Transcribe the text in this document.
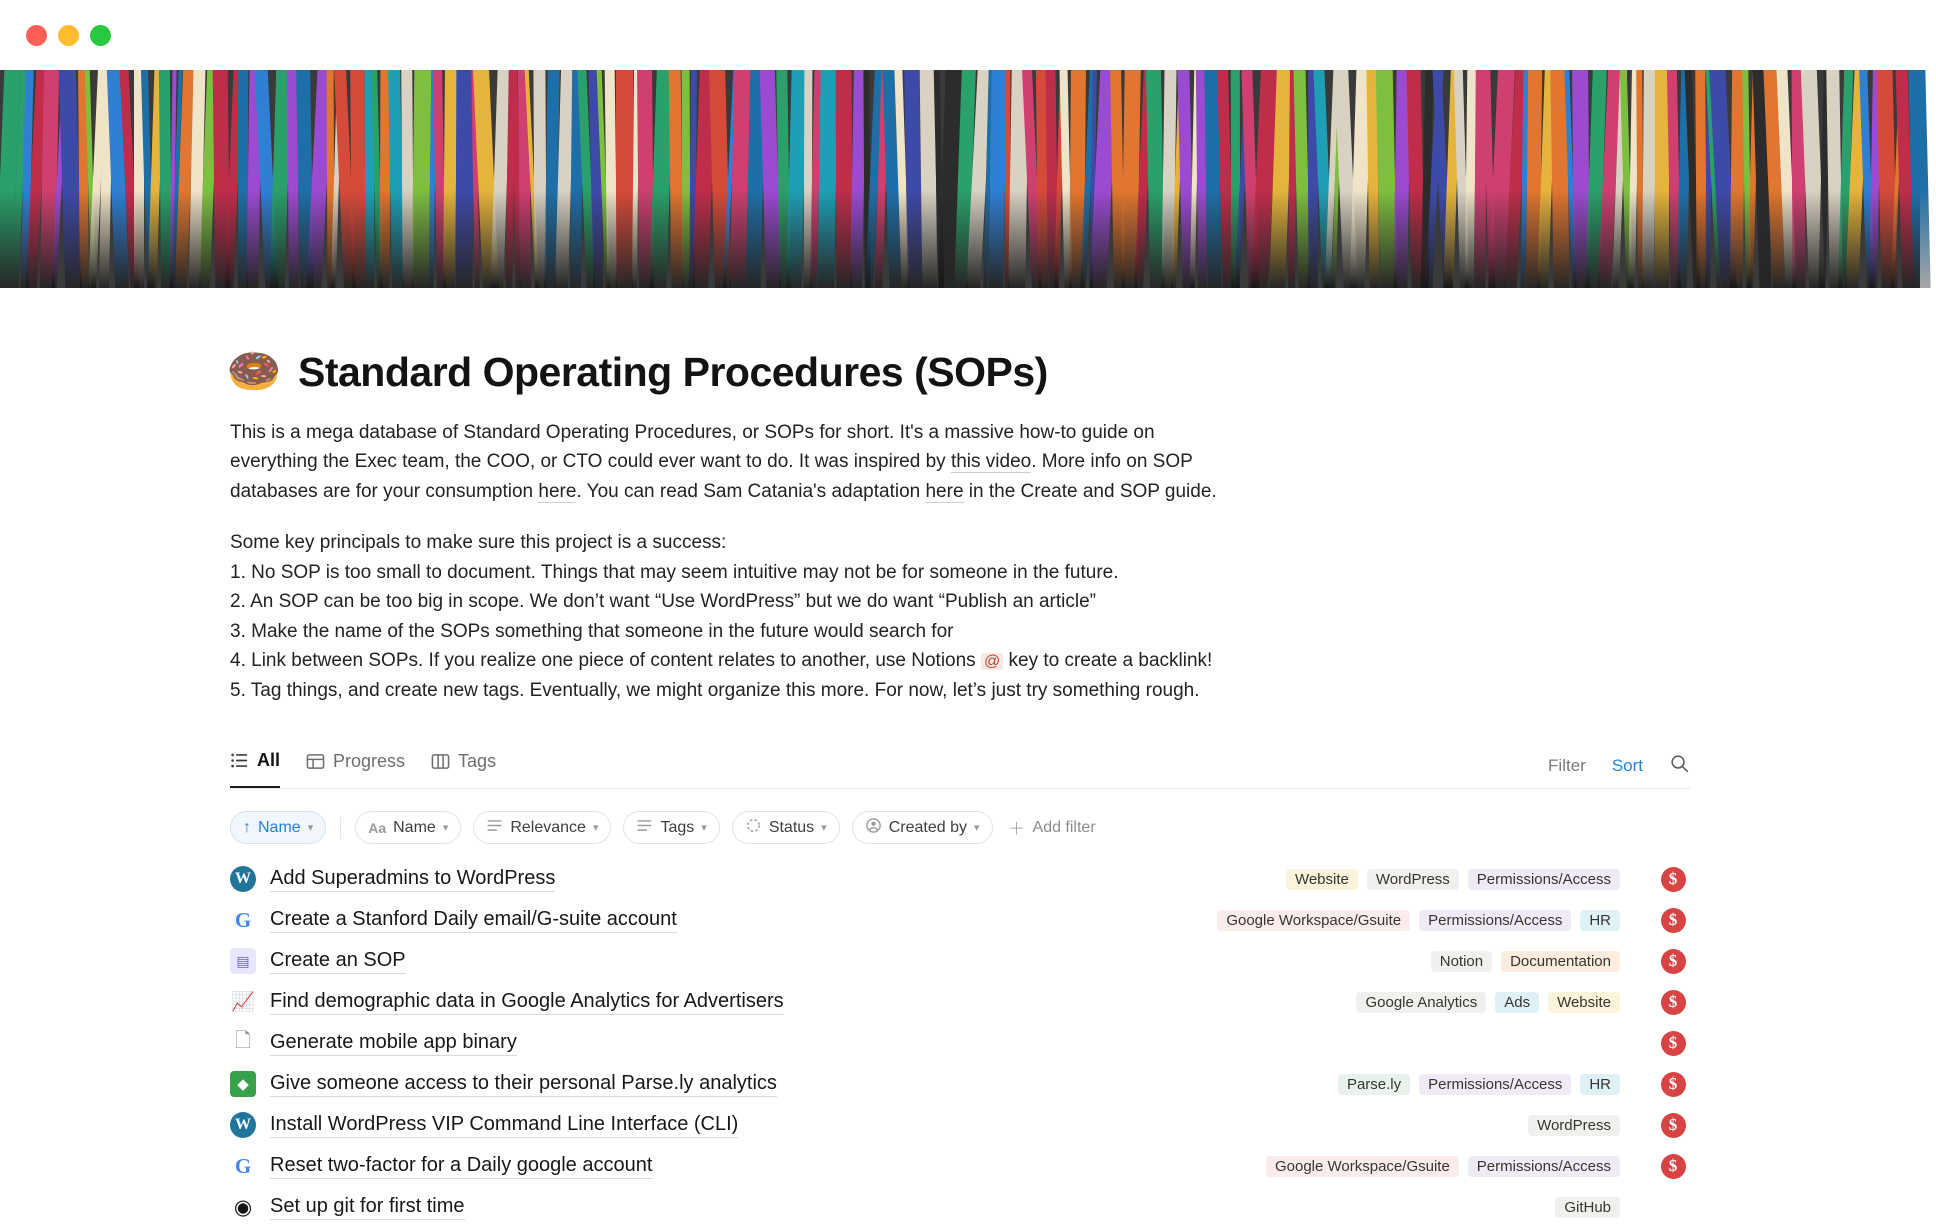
🍩 Standard Operating Procedures (SOPs)
This is a mega database of Standard Operating Procedures, or SOPs for short. It's a massive how-to guide on everything the Exec team, the COO, or CTO could ever want to do. It was inspired by this video. More info on SOP databases are for your consumption here. You can read Sam Catania's adaptation here in the Create and SOP guide.
Some key principals to make sure this project is a success:
1. No SOP is too small to document. Things that may seem intuitive may not be for someone in the future.
2. An SOP can be too big in scope. We don’t want “Use WordPress” but we do want “Publish an article”
3. Make the name of the SOPs something that someone in the future would search for
4. Link between SOPs. If you realize one piece of content relates to another, use Notions @ key to create a backlink!
5. Tag things, and create new tags. Eventually, we might organize this more. For now, let’s just try something rough.
All	Progress	Tags	Filter Sort
↑ Name ▾	Aa Name ▾	Relevance ▾	Tags ▾	Status ▾	Created by ▾ ＋ Add filter
W Add Superadmins to WordPress	Website	WordPress	Permissions/Access	$
G Create a Stanford Daily email/G-suite account	Google Workspace/Gsuite	Permissions/Access	HR	$
▤	Create an SOP	Notion	Documentation	$
📈 Find demographic data in Google Analytics for Advertisers	Google Analytics	Ads	Website	$
🗋 Generate mobile app binary	$
◆	Give someone access to their personal Parse.ly analytics	Parse.ly	Permissions/Access	HR	$
W Install WordPress VIP Command Line Interface (CLI)	WordPress	$
G Reset two-factor for a Daily google account	Google Workspace/Gsuite	Permissions/Access	$
◉ Set up git for first time	GitHub
